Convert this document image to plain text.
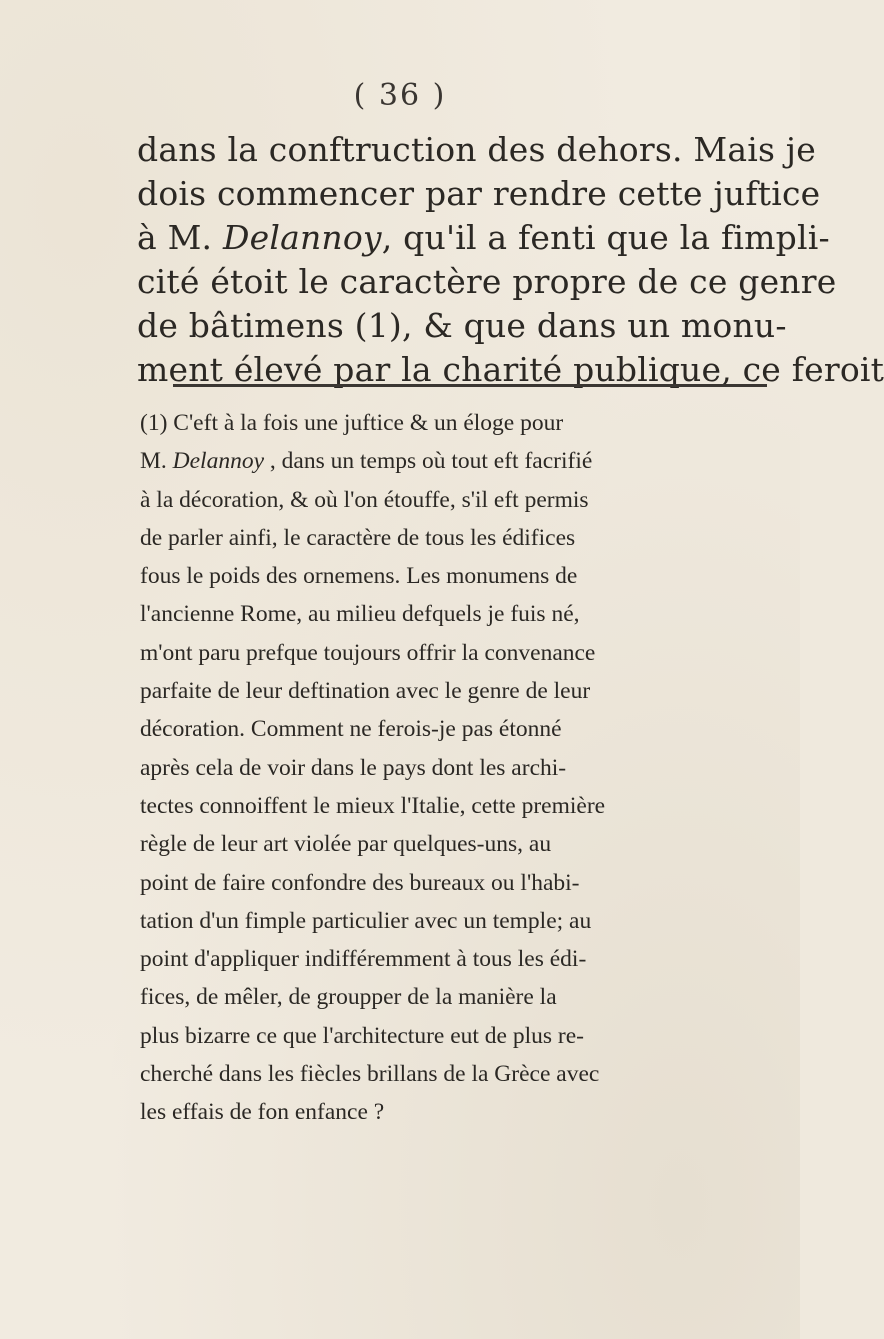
( 36 )
dans la conftruction des dehors. Mais je
dois commencer par rendre cette juftice
à M. Delannoy, qu'il a fenti que la fimpli-
cité étoit le caractère propre de ce genre
de bâtimens (1), & que dans un monu-
ment élevé par la charité publique, ce feroit
(1) C'eft à la fois une juftice & un éloge pour
M. Delannoy , dans un temps où tout eft facrifié
à la décoration, & où l'on étouffe, s'il eft permis
de parler ainfi, le caractère de tous les édifices
fous le poids des ornemens. Les monumens de
l'ancienne Rome, au milieu defquels je fuis né,
m'ont paru prefque toujours offrir la convenance
parfaite de leur deftination avec le genre de leur
décoration. Comment ne ferois-je pas étonné
après cela de voir dans le pays dont les archi-
tectes connoiffent le mieux l'Italie, cette première
règle de leur art violée par quelques-uns, au
point de faire confondre des bureaux ou l'habi-
tation d'un fimple particulier avec un temple; au
point d'appliquer indifféremment à tous les édi-
fices, de mêler, de groupper de la manière la
plus bizarre ce que l'architecture eut de plus re-
cherché dans les fiècles brillans de la Grèce avec
les effais de fon enfance ?
